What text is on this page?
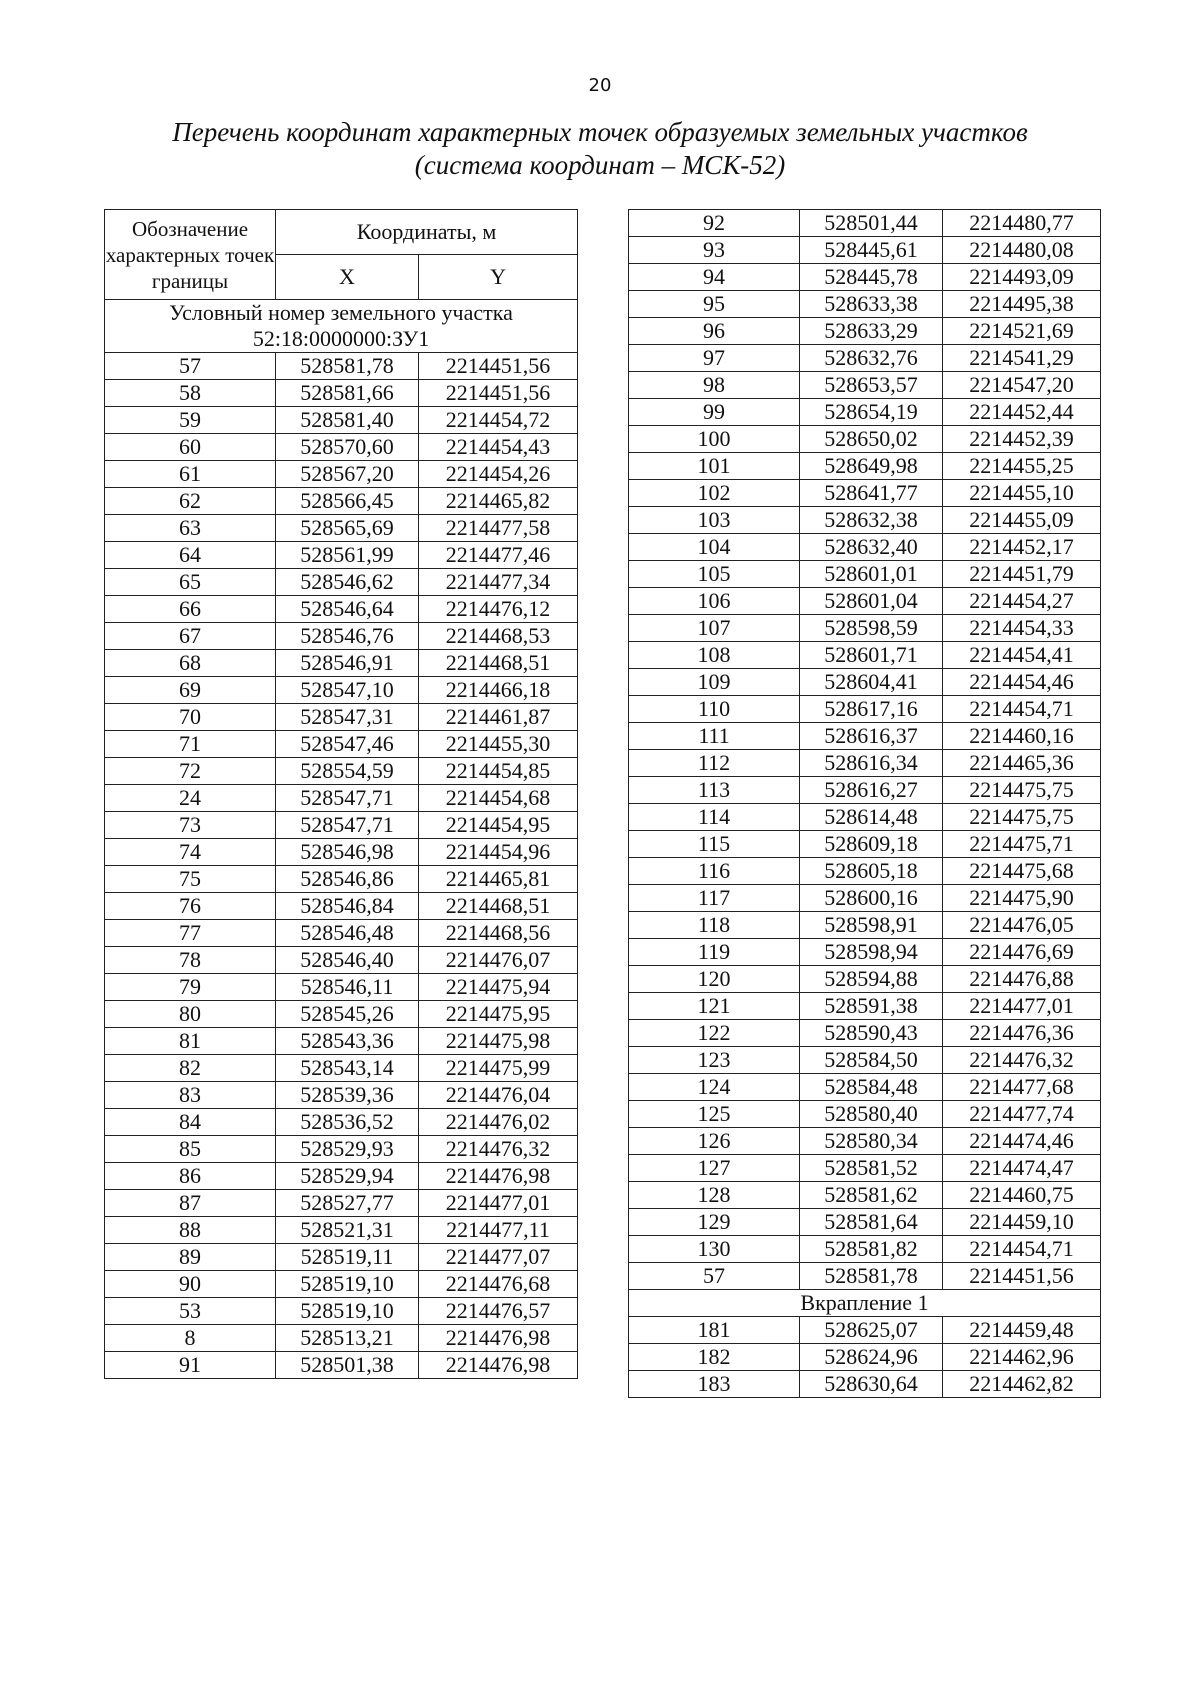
20
Перечень координат характерных точек образуемых земельных участков
(система координат – МСК-52)
Обозначение характерных точек границы	Координаты, м	
	X	Y

Условный номер земельного участка
52:18:0000000:ЗУ1		

57	528581,78	2214451,56
58	528581,66	2214451,56
59	528581,40	2214454,72
60	528570,60	2214454,43
61	528567,20	2214454,26
62	528566,45	2214465,82
63	528565,69	2214477,58
64	528561,99	2214477,46
65	528546,62	2214477,34
66	528546,64	2214476,12
67	528546,76	2214468,53
68	528546,91	2214468,51
69	528547,10	2214466,18
70	528547,31	2214461,87
71	528547,46	2214455,30
72	528554,59	2214454,85
24	528547,71	2214454,68
73	528547,71	2214454,95
74	528546,98	2214454,96
75	528546,86	2214465,81
76	528546,84	2214468,51
77	528546,48	2214468,56
78	528546,40	2214476,07
79	528546,11	2214475,94
80	528545,26	2214475,95
81	528543,36	2214475,98
82	528543,14	2214475,99
83	528539,36	2214476,04
84	528536,52	2214476,02
85	528529,93	2214476,32
86	528529,94	2214476,98
87	528527,77	2214477,01
88	528521,31	2214477,11
89	528519,11	2214477,07
90	528519,10	2214476,68
53	528519,10	2214476,57
8	528513,21	2214476,98
91	528501,38	2214476,98
92	528501,44	2214480,77
93	528445,61	2214480,08
94	528445,78	2214493,09
95	528633,38	2214495,38
96	528633,29	2214521,69
97	528632,76	2214541,29
98	528653,57	2214547,20
99	528654,19	2214452,44
100	528650,02	2214452,39
101	528649,98	2214455,25
102	528641,77	2214455,10
103	528632,38	2214455,09
104	528632,40	2214452,17
105	528601,01	2214451,79
106	528601,04	2214454,27
107	528598,59	2214454,33
108	528601,71	2214454,41
109	528604,41	2214454,46
110	528617,16	2214454,71
111	528616,37	2214460,16
112	528616,34	2214465,36
113	528616,27	2214475,75
114	528614,48	2214475,75
115	528609,18	2214475,71
116	528605,18	2214475,68
117	528600,16	2214475,90
118	528598,91	2214476,05
119	528598,94	2214476,69
120	528594,88	2214476,88
121	528591,38	2214477,01
122	528590,43	2214476,36
123	528584,50	2214476,32
124	528584,48	2214477,68
125	528580,40	2214477,74
126	528580,34	2214474,46
127	528581,52	2214474,47
128	528581,62	2214460,75
129	528581,64	2214459,10
130	528581,82	2214454,71
57	528581,78	2214451,56
Вкрапление 1		
181	528625,07	2214459,48
182	528624,96	2214462,96
183	528630,64	2214462,82
